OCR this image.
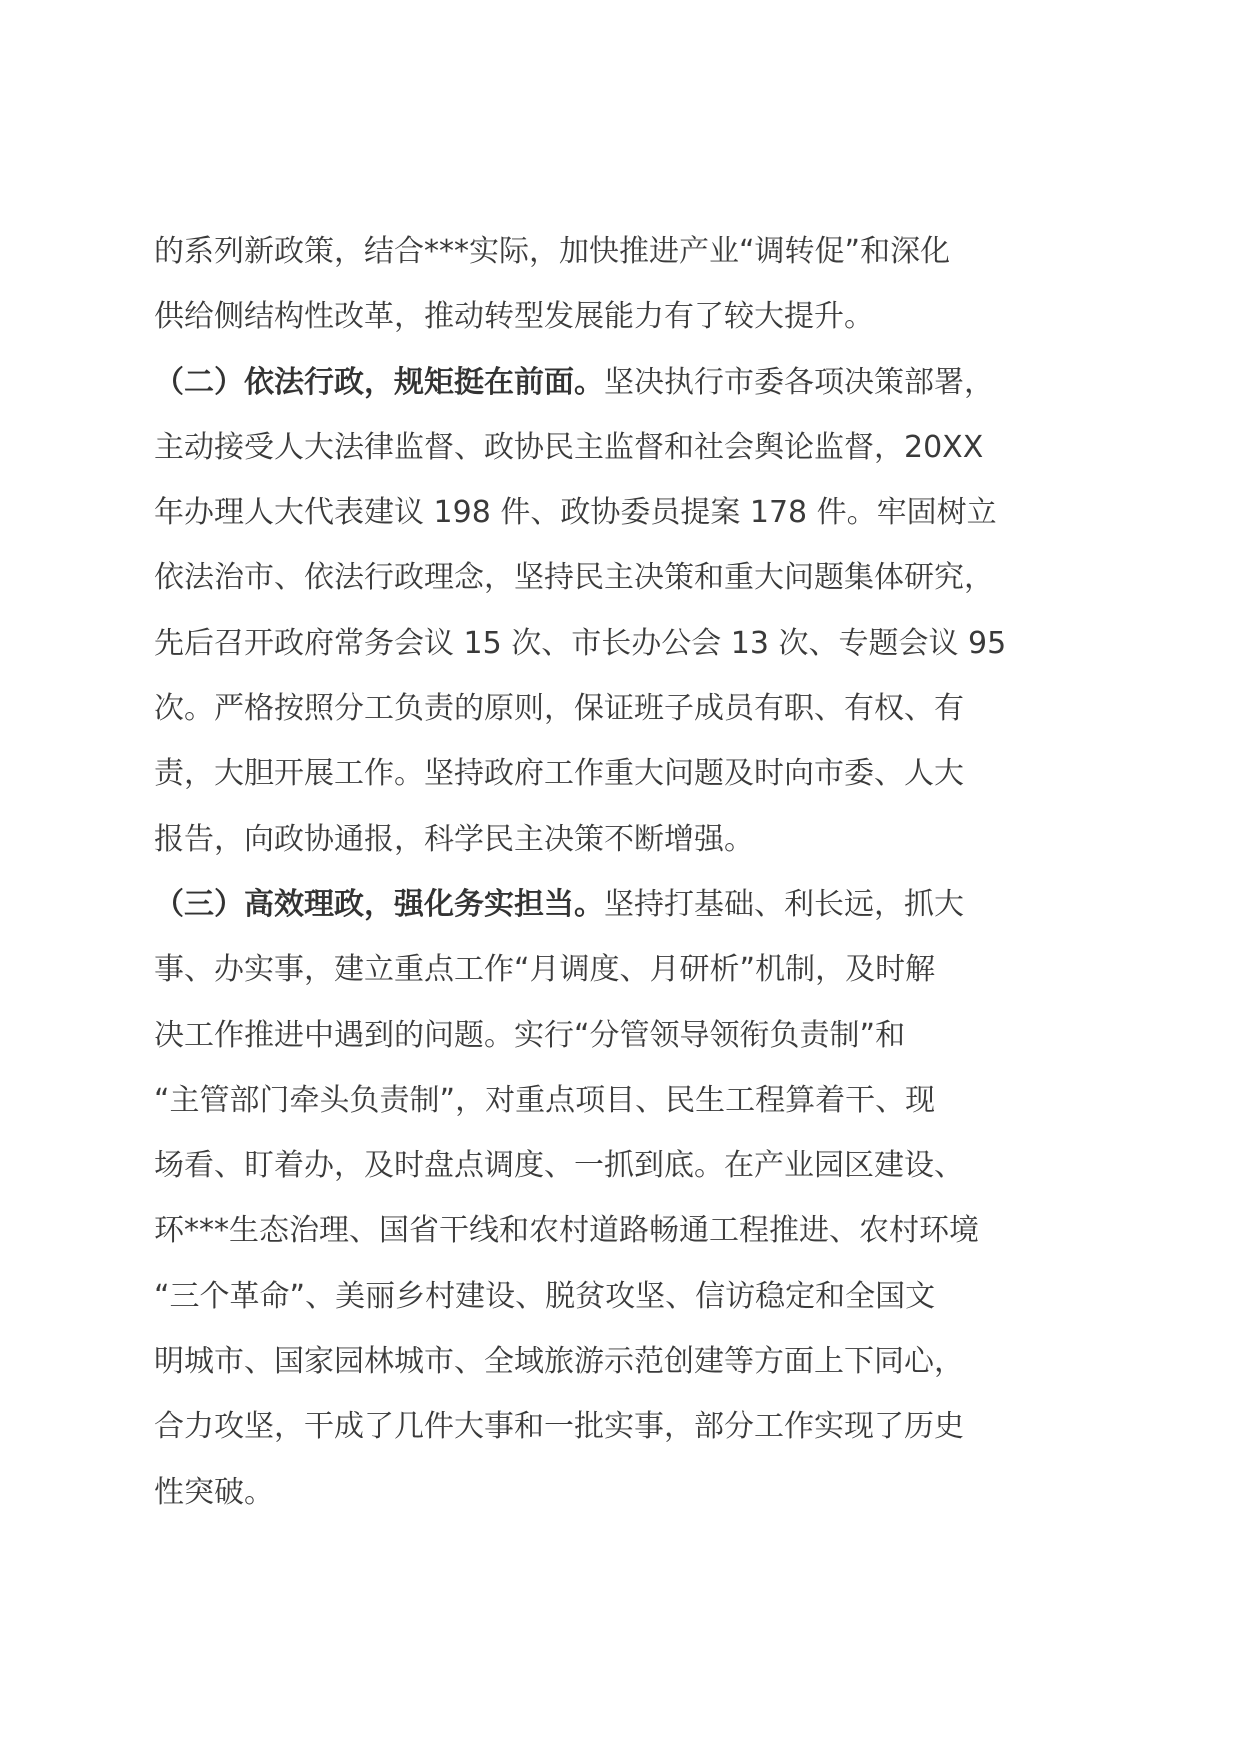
的系列新政策，结合***实际，加快推进产业“调转促”和深化
供给侧结构性改革，推动转型发展能力有了较大提升。
（二）依法行政，规矩挺在前面。坚决执行市委各项决策部署，
主动接受人大法律监督、政协民主监督和社会舆论监督，20XX
年办理人大代表建议 198 件、政协委员提案 178 件。牢固树立
依法治市、依法行政理念，坚持民主决策和重大问题集体研究，
先后召开政府常务会议 15 次、市长办公会 13 次、专题会议 95
次。严格按照分工负责的原则，保证班子成员有职、有权、有
责，大胆开展工作。坚持政府工作重大问题及时向市委、人大
报告，向政协通报，科学民主决策不断增强。
（三）高效理政，强化务实担当。坚持打基础、利长远，抓大
事、办实事，建立重点工作“月调度、月研析”机制，及时解
决工作推进中遇到的问题。实行“分管领导领衔负责制”和
“主管部门牵头负责制”，对重点项目、民生工程算着干、现
场看、盯着办，及时盘点调度、一抓到底。在产业园区建设、
环***生态治理、国省干线和农村道路畅通工程推进、农村环境
“三个革命”、美丽乡村建设、脱贫攻坚、信访稳定和全国文
明城市、国家园林城市、全域旅游示范创建等方面上下同心，
合力攻坚，干成了几件大事和一批实事，部分工作实现了历史
性突破。
